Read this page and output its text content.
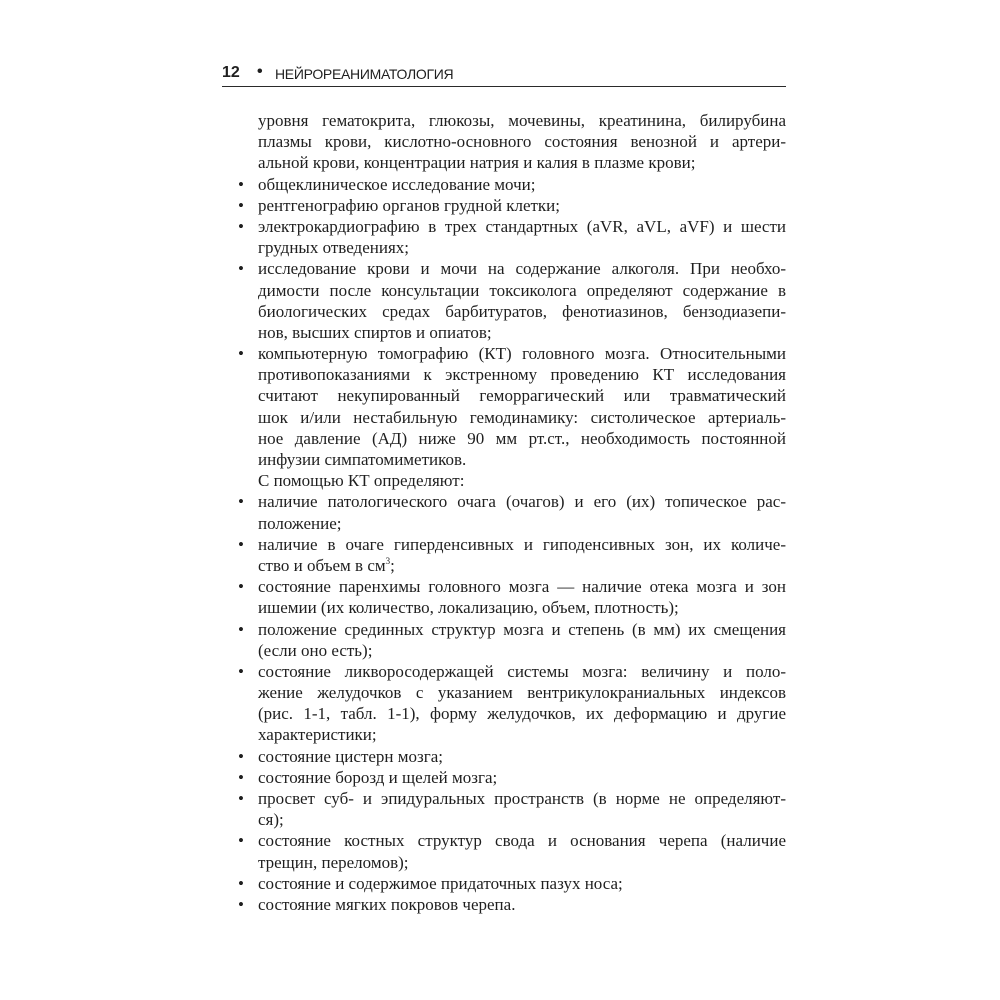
12 • НЕЙРОРЕАНИМАТОЛОГИЯ
уровня гематокрита, глюкозы, мочевины, креатинина, билирубина
плазмы крови, кислотно-основного состояния венозной и артери-
альной крови, концентрации натрия и калия в плазме крови;
• общеклиническое исследование мочи;
• рентгенографию органов грудной клетки;
• электрокардиографию в трех стандартных (aVR, aVL, aVF) и шести
грудных отведениях;
• исследование крови и мочи на содержание алкоголя. При необхо-
димости после консультации токсиколога определяют содержание в
биологических средах барбитуратов, фенотиазинов, бензодиазепи-
нов, высших спиртов и опиатов;
• компьютерную томографию (КТ) головного мозга. Относительными
противопоказаниями к экстренному проведению КТ исследования
считают некупированный геморрагический или травматический
шок и/или нестабильную гемодинамику: систолическое артериаль-
ное давление (АД) ниже 90 мм рт.ст., необходимость постоянной
инфузии симпатомиметиков.
С помощью КТ определяют:
• наличие патологического очага (очагов) и его (их) топическое рас-
положение;
• наличие в очаге гиперденсивных и гиподенсивных зон, их количе-
ство и объем в $см^3$;
• состояние паренхимы головного мозга — наличие отека мозга и зон
ишемии (их количество, локализацию, объем, плотность);
• положение срединных структур мозга и степень (в мм) их смещения
(если оно есть);
• состояние ликворосодержащей системы мозга: величину и поло-
жение желудочков с указанием вентрикулокраниальных индексов
(рис. 1-1, табл. 1-1), форму желудочков, их деформацию и другие
характеристики;
• состояние цистерн мозга;
• состояние борозд и щелей мозга;
• просвет суб- и эпидуральных пространств (в норме не определяют-
ся);
• состояние костных структур свода и основания черепа (наличие
трещин, переломов);
• состояние и содержимое придаточных пазух носа;
• состояние мягких покровов черепа.
